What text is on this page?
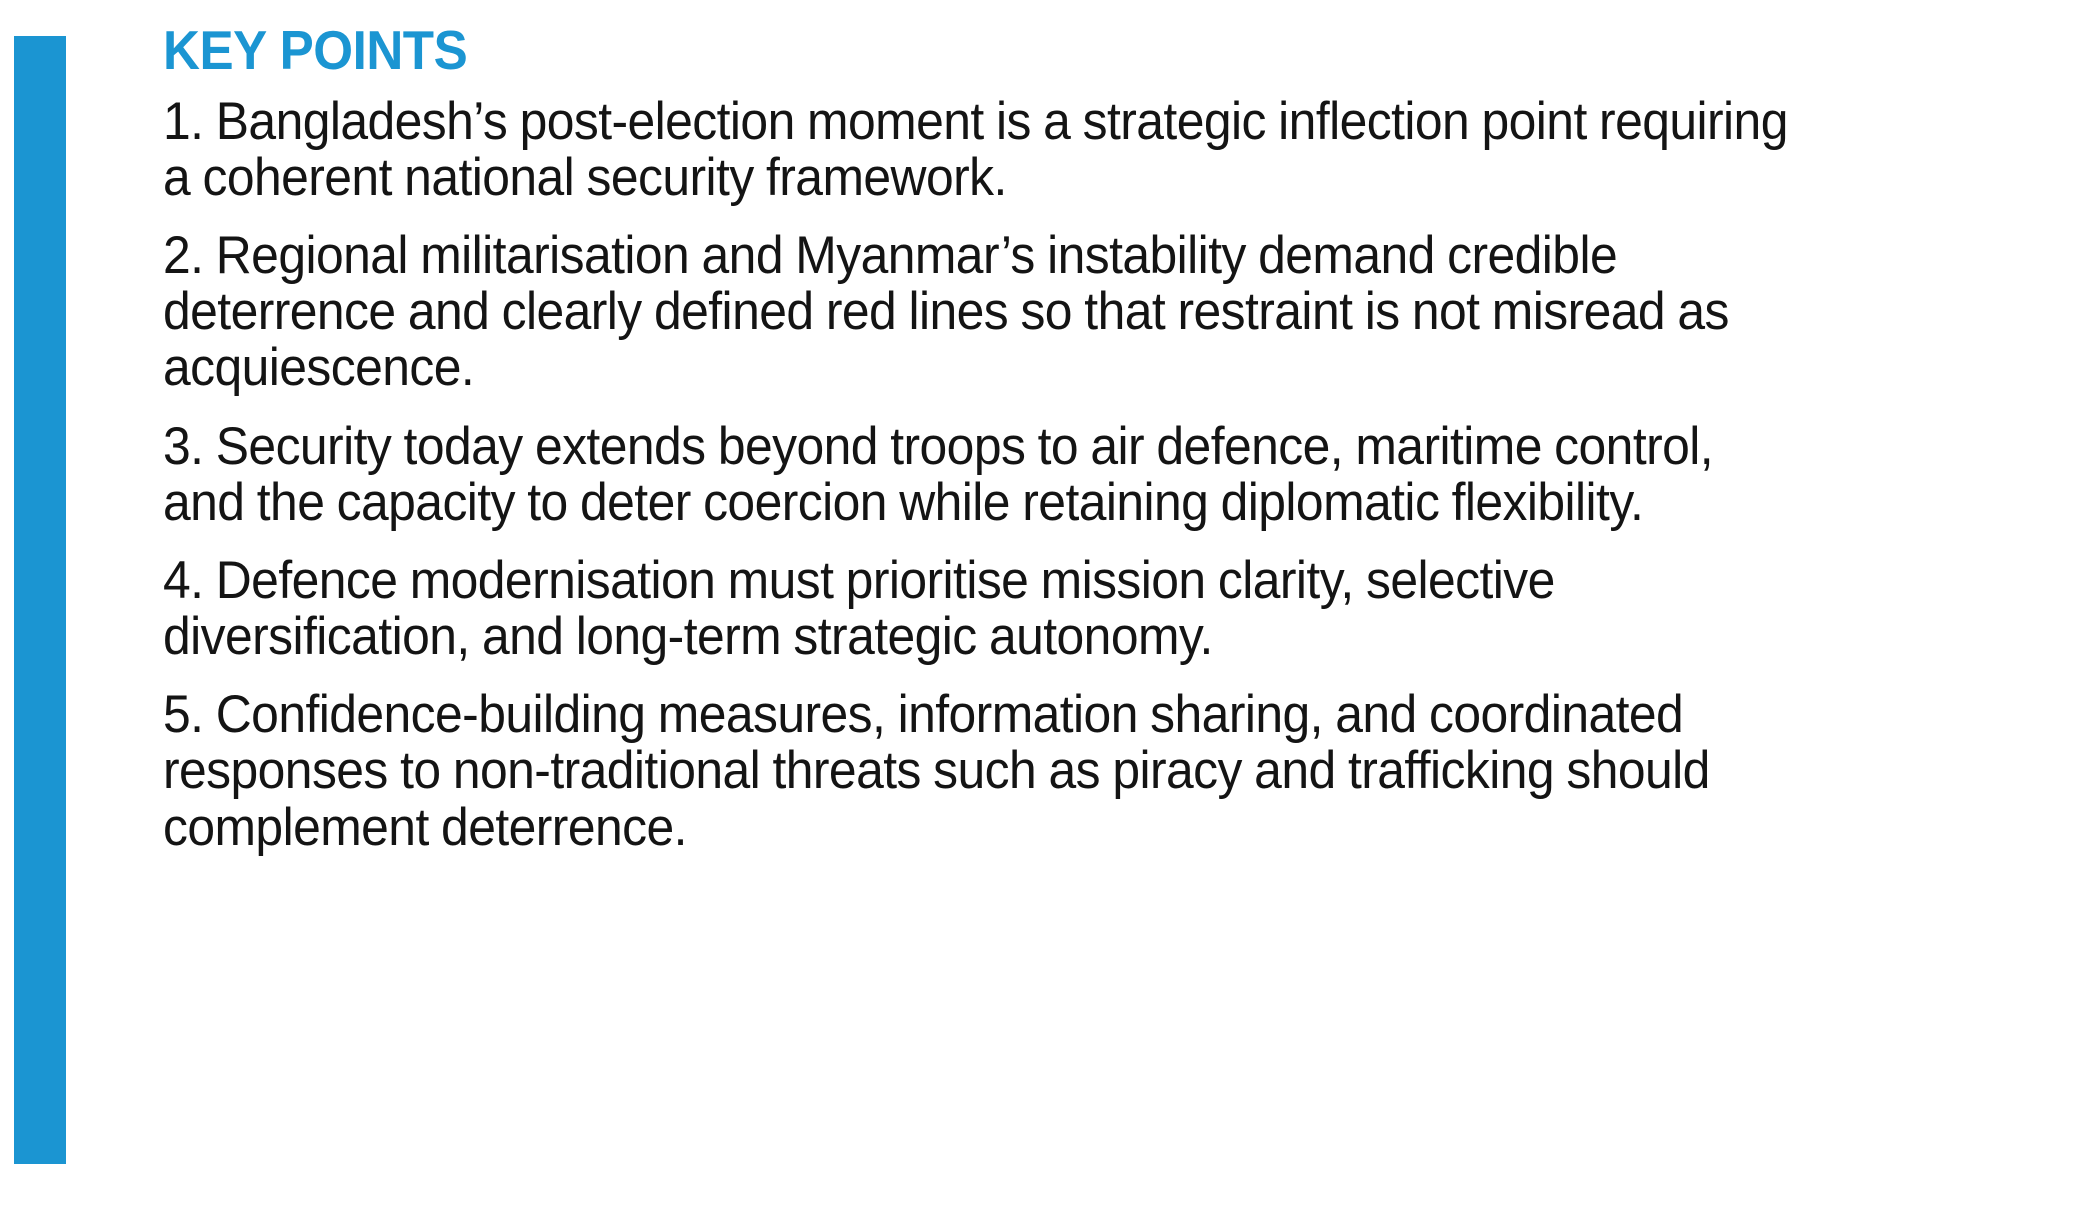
KEY POINTS
1. Bangladesh’s post-election moment is a strategic inflection point requiring a coherent national security framework.
2. Regional militarisation and Myanmar’s instability demand credible deterrence and clearly defined red lines so that restraint is not misread as acquiescence.
3. Security today extends beyond troops to air defence, maritime control, and the capacity to deter coercion while retaining diplomatic flexibility.
4. Defence modernisation must prioritise mission clarity, selective diversification, and long-term strategic autonomy.
5. Confidence-building measures, information sharing, and coordinated responses to non-traditional threats such as piracy and trafficking should complement deterrence.
